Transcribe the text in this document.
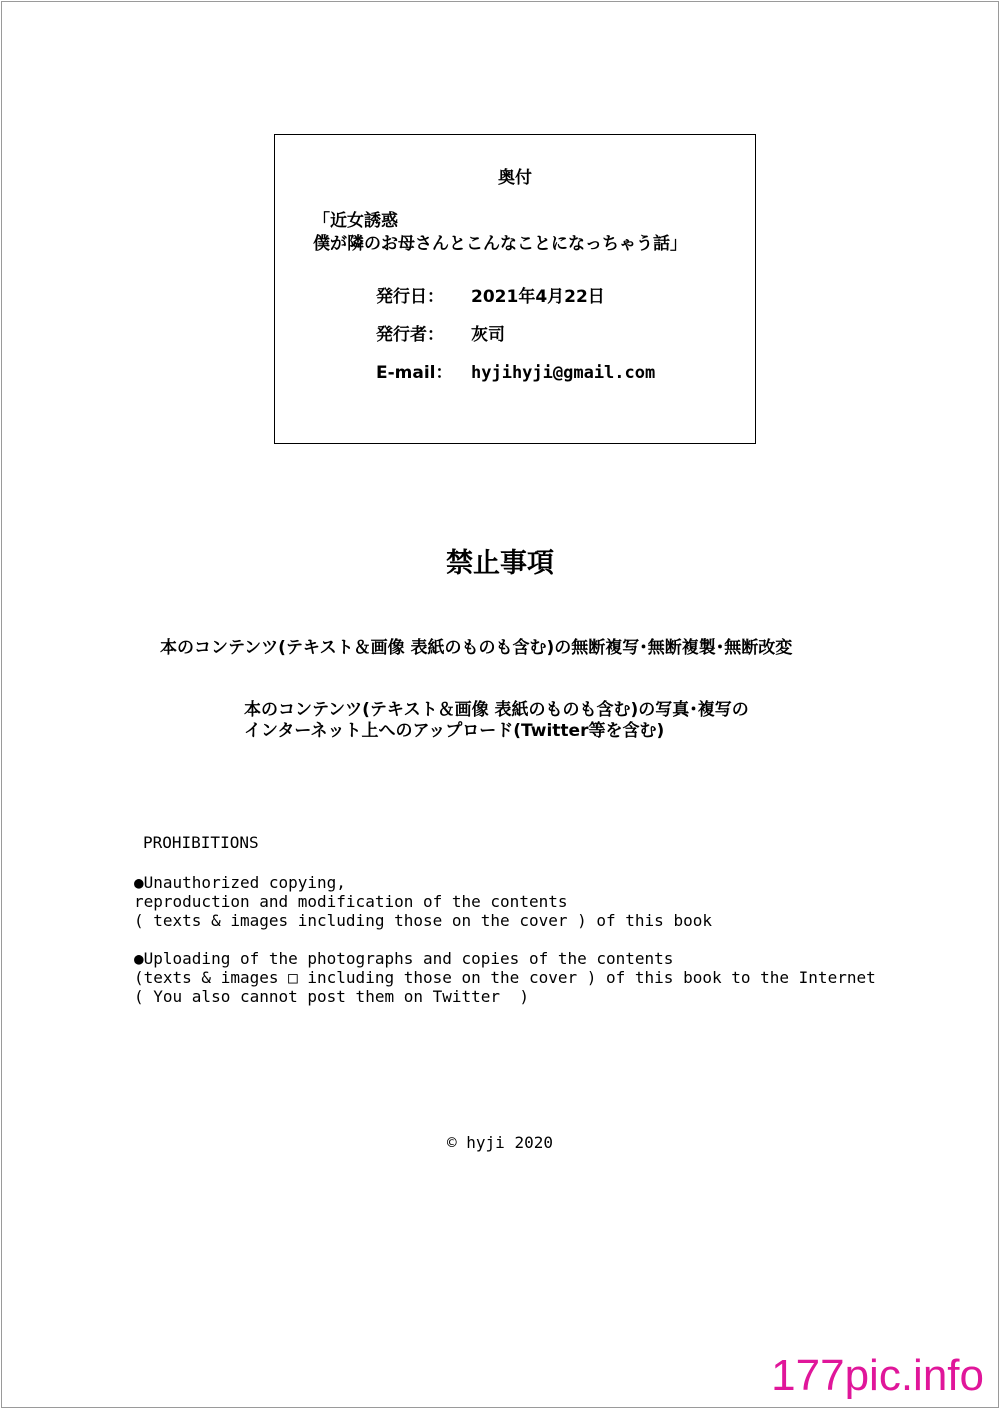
奥付
「近女誘惑
僕が隣のお母さんとこんなことになっちゃう話」
発行日： 2021年4月22日
発行者： 灰司
E-mail： hyjihyji@gmail.com
禁止事項
本のコンテンツ(テキスト＆画像 表紙のものも含む)の無断複写･無断複製･無断改変
本のコンテンツ(テキスト＆画像 表紙のものも含む)の写真･複写の
インターネット上へのアップロード(Twitter等を含む)
PROHIBITIONS
●Unauthorized copying,
reproduction and modification of the contents
( texts & images including those on the cover ) of this book
●Uploading of the photographs and copies of the contents
(texts & images □ including those on the cover ) of this book to the Internet
( You also cannot post them on Twitter  )
© hyji 2020
177pic.info
